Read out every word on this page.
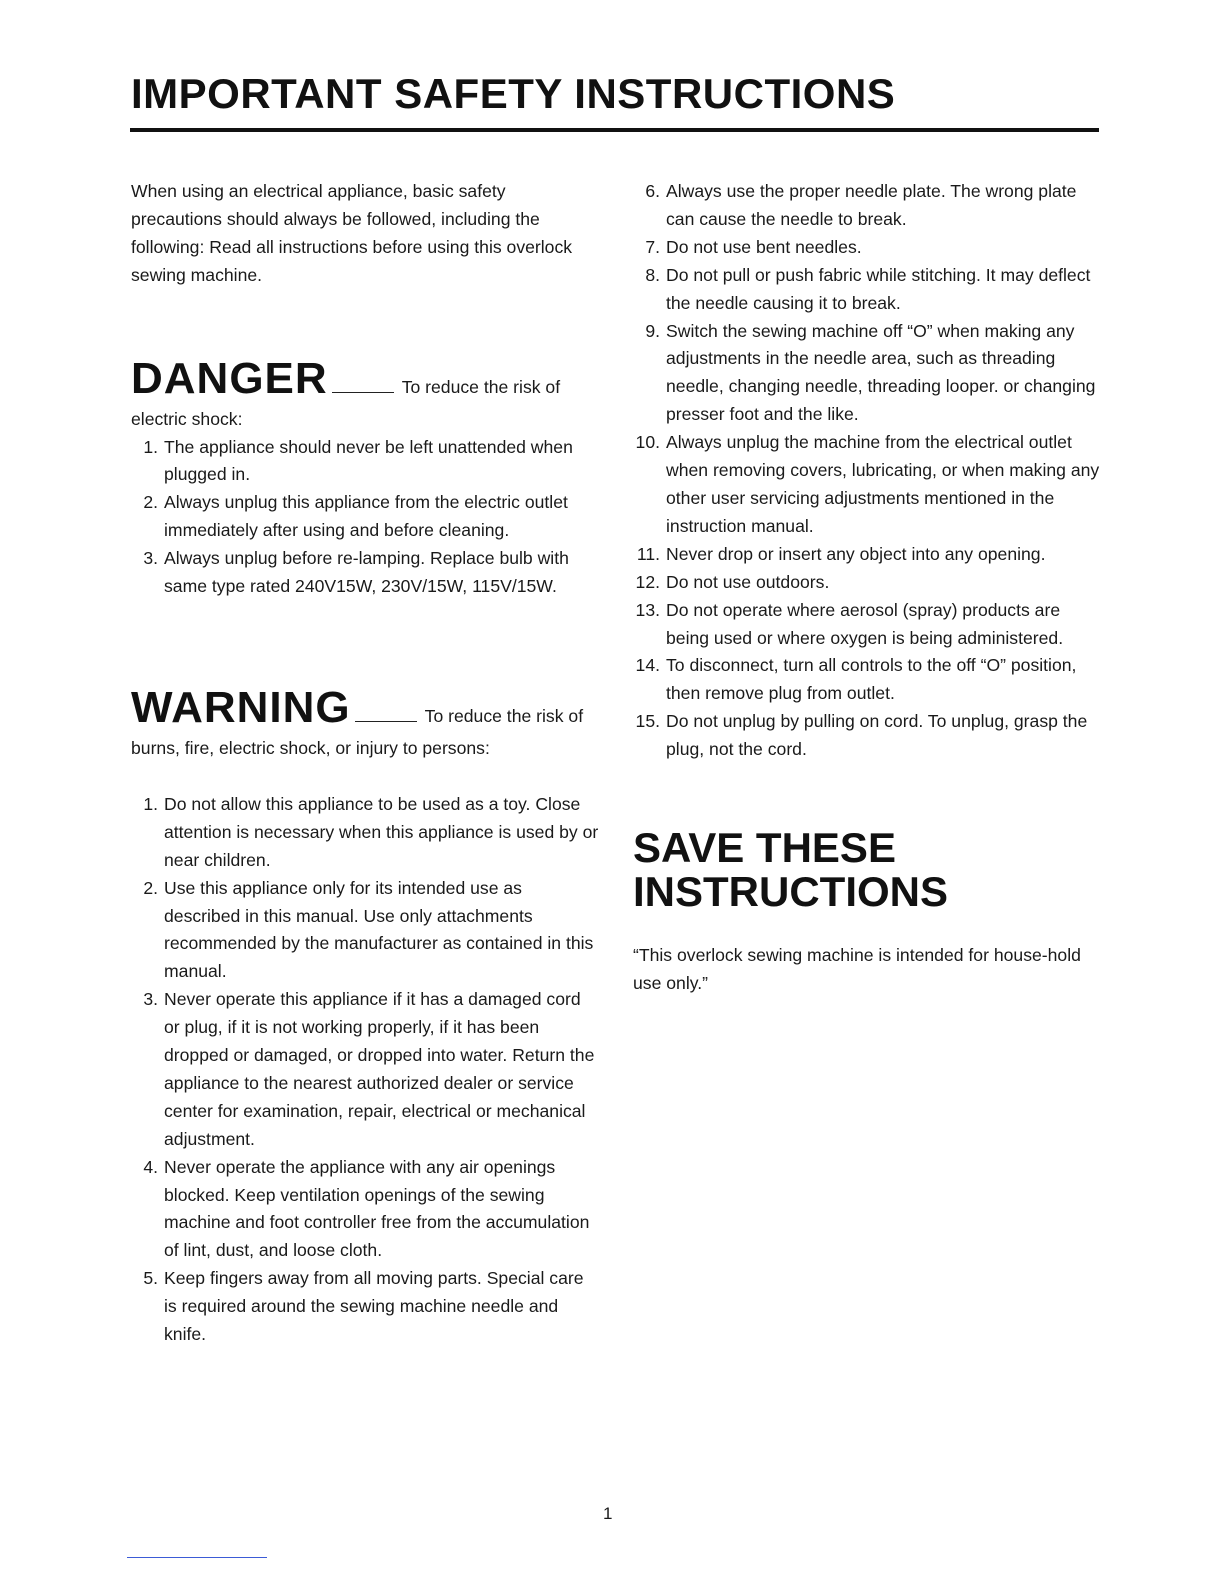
IMPORTANT SAFETY INSTRUCTIONS

When using an electrical appliance, basic safety precautions should always be followed, including the following: Read all instructions before using this overlock sewing machine.

DANGER	To reduce the risk of

electric shock:

1. The appliance should never be left unattended when plugged in.
2. Always unplug this appliance from the electric outlet immediately after using and before cleaning.
3. Always unplug before re-lamping. Replace bulb with same type rated 240V15W, 230V/15W, 115V/15W.
WARNING	To reduce the risk of

burns, fire, electric shock, or injury to persons:

1. Do not allow this appliance to be used as a toy. Close attention is necessary when this appliance is used by or near children.
2. Use this appliance only for its intended use as described in this manual. Use only attachments recommended by the manufacturer as contained in this manual.
3. Never operate this appliance if it has a damaged cord or plug, if it is not working properly, if it has been dropped or damaged, or dropped into water. Return the appliance to the nearest authorized dealer or service center for examination, repair, electrical or mechanical adjustment.
4. Never operate the appliance with any air openings blocked. Keep ventilation openings of the sewing machine and foot controller free from the accumulation of lint, dust, and loose cloth.
5. Keep fingers away from all moving parts. Special care is required around the sewing machine needle and knife.
6. Always use the proper needle plate. The wrong plate can cause the needle to break.
7. Do not use bent needles.
8. Do not pull or push fabric while stitching. It may deflect the needle causing it to break.
9. Switch the sewing machine off “O” when making any adjustments in the needle area, such as threading needle, changing needle, threading looper. or changing presser foot and the like.
10. Always unplug the machine from the electrical outlet when removing covers, lubricating, or when making any other user servicing adjustments mentioned in the instruction manual.
11. Never drop or insert any object into any opening.
12. Do not use outdoors.
13. Do not operate where aerosol (spray) products are being used or where oxygen is being administered.
14. To disconnect, turn all controls to the off “O” position, then remove plug from outlet.
15. Do not unplug by pulling on cord. To unplug, grasp the plug, not the cord.
SAVE THESE
INSTRUCTIONS

“This overlock sewing machine is intended for house-hold use only.”

1
